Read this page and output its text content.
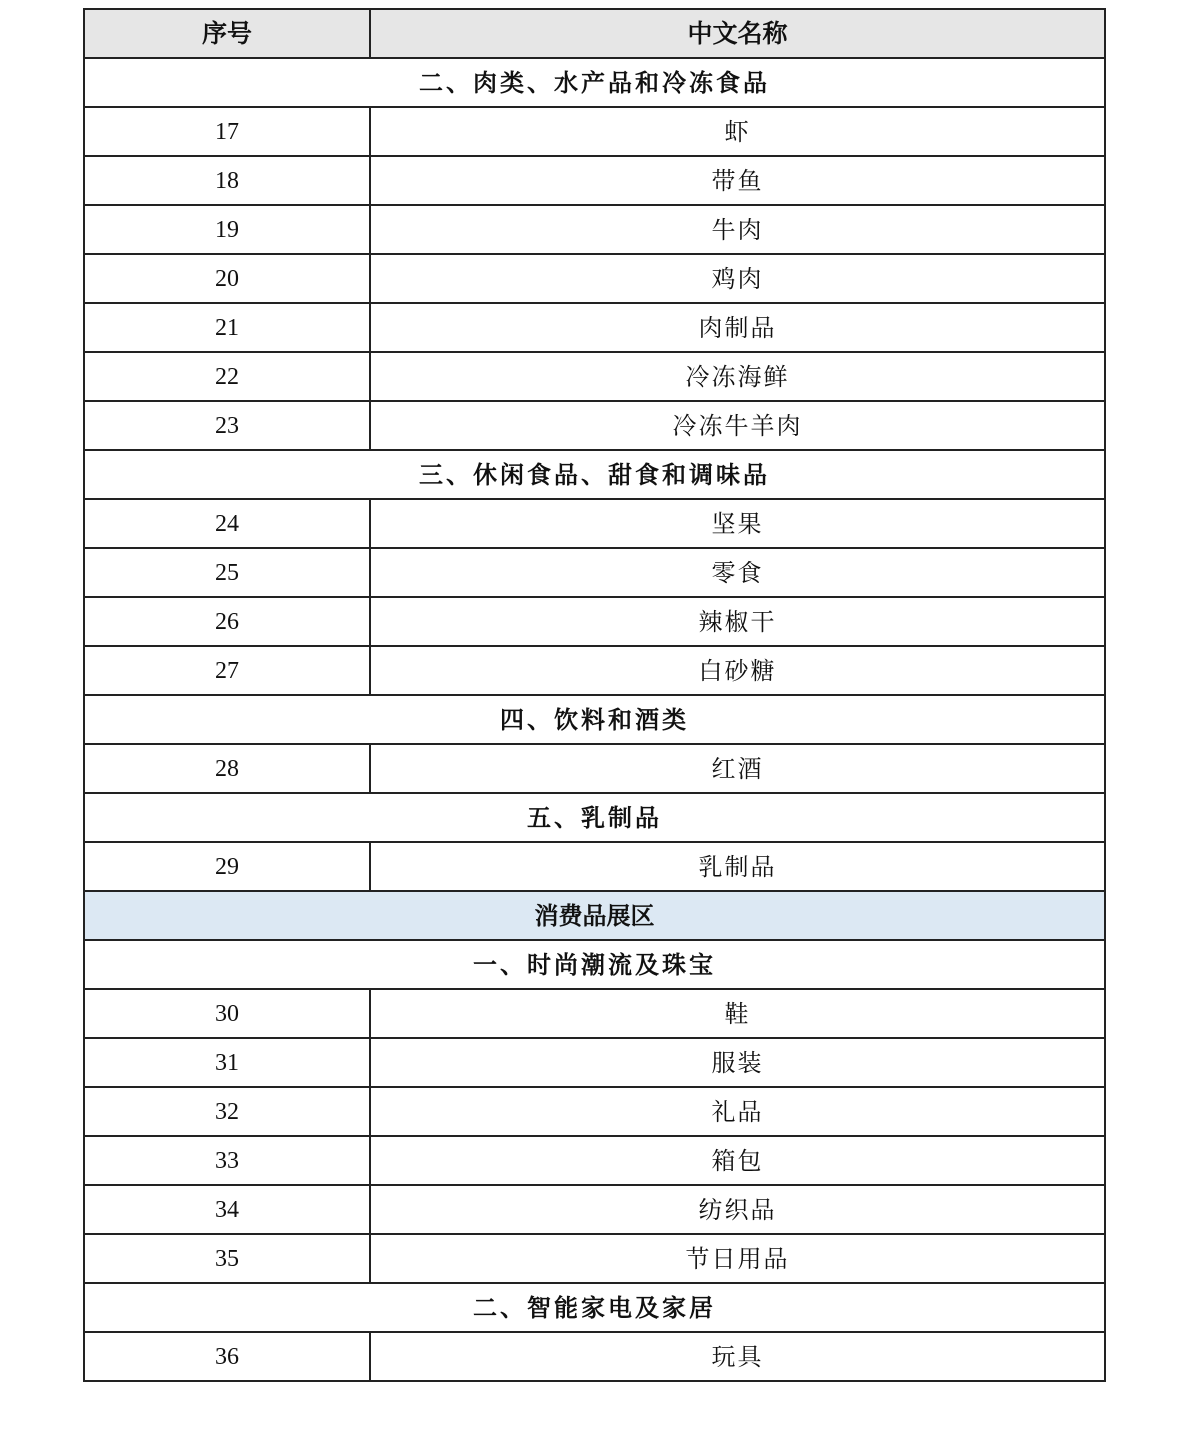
序号	中文名称
二、肉类、水产品和冷冻食品	
17	虾
18	带鱼
19	牛肉
20	鸡肉
21	肉制品
22	冷冻海鲜
23	冷冻牛羊肉
三、休闲食品、甜食和调味品	
24	坚果
25	零食
26	辣椒干
27	白砂糖
四、饮料和酒类	
28	红酒
五、乳制品	
29	乳制品
消费品展区	
一、时尚潮流及珠宝	
30	鞋
31	服装
32	礼品
33	箱包
34	纺织品
35	节日用品
二、智能家电及家居	
36	玩具
